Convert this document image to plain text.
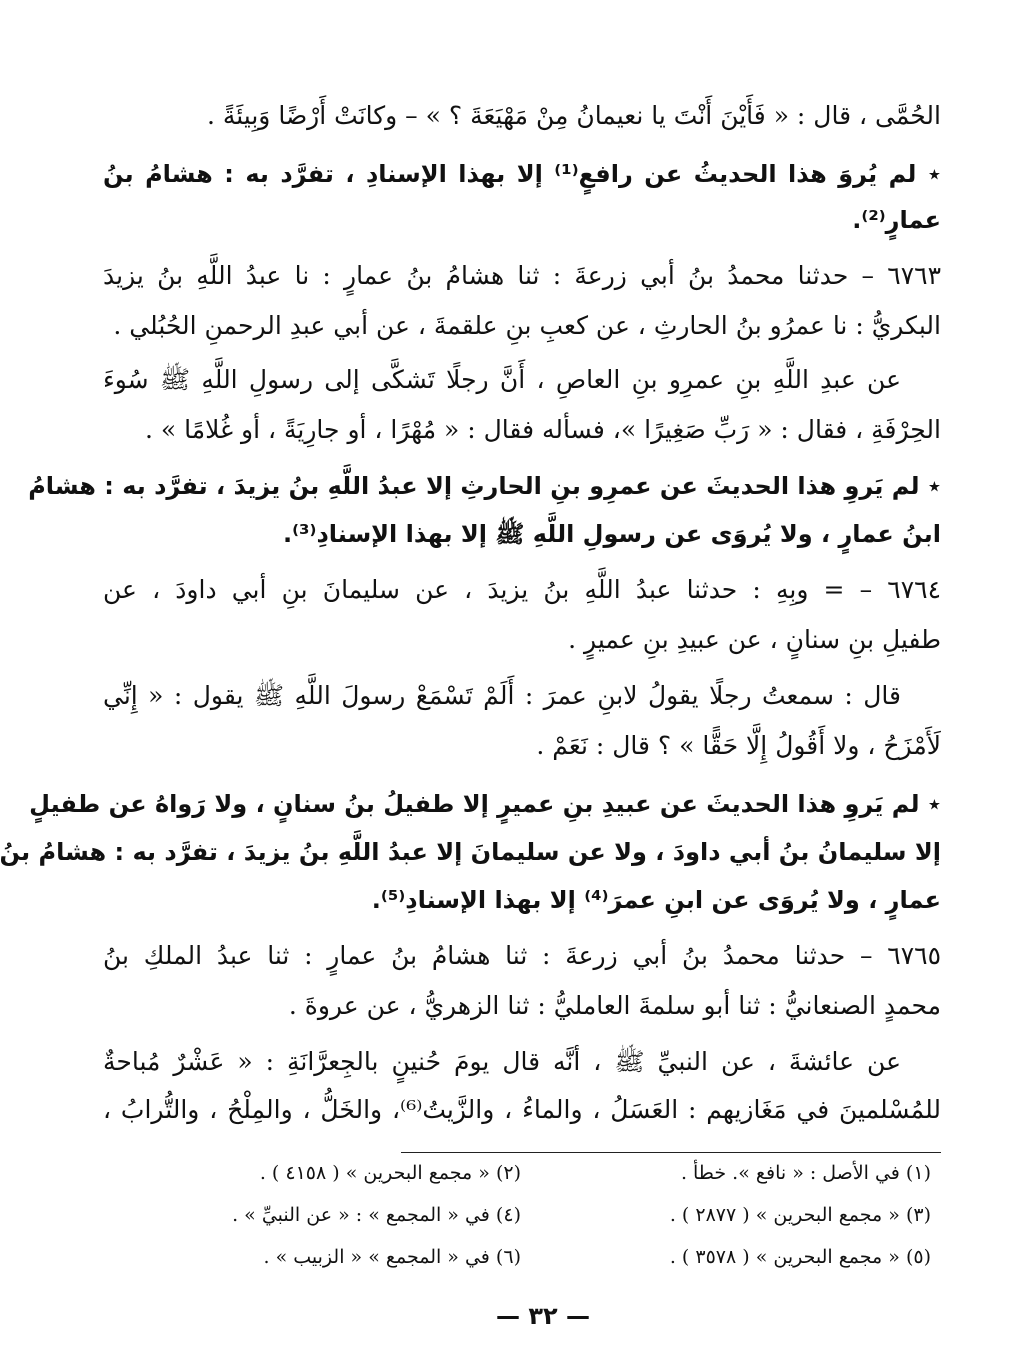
الحُمَّى ، قال : « فَأَيْنَ أَنْتَ يا نعيمانُ مِنْ مَهْيَعَةَ ؟ » – وكانَتْ أَرْضًا وَبِيئَةً .
٭ لم يُروَ هذا الحديثُ عن رافعٍ⁽¹⁾ إلا بهذا الإسنادِ ، تفرَّد به : هشامُ بنُ
عمارٍ⁽²⁾.
٦٧٦٣ – حدثنا محمدُ بنُ أبي زرعةَ : ثنا هشامُ بنُ عمارٍ : نا عبدُ اللَّهِ بنُ يزيدَ
البكريُّ : نا عمرُو بنُ الحارثِ ، عن كعبِ بنِ علقمةَ ، عن أبي عبدِ الرحمنِ الحُبُلي .
عن عبدِ اللَّهِ بنِ عمرِو بنِ العاصِ ، أَنَّ رجلًا تَشكَّى إلى رسولِ اللَّهِ ﷺ سُوءَ
الحِرْفَةِ ، فقال : « رَبِّ صَغِيرًا »، فسأله فقال : « مُهْرًا ، أو جارِيَةً ، أو غُلامًا » .
٭ لم يَروِ هذا الحديثَ عن عمرِو بنِ الحارثِ إلا عبدُ اللَّهِ بنُ يزيدَ ، تفرَّد به : هشامُ
ابنُ عمارٍ ، ولا يُروَى عن رسولِ اللَّهِ ﷺ إلا بهذا الإسنادِ⁽³⁾.
٦٧٦٤ – = وبِهِ : حدثنا عبدُ اللَّهِ بنُ يزيدَ ، عن سليمانَ بنِ أبي داودَ ، عن
طفيلِ بنِ سنانٍ ، عن عبيدِ بنِ عميرٍ .
قال : سمعتُ رجلًا يقولُ لابنِ عمرَ : أَلَمْ تَسْمَعْ رسولَ اللَّهِ ﷺ يقول : « إِنِّي
لَأَمْزَحُ ، ولا أَقُولُ إِلَّا حَقًّا » ؟ قال : نَعَمْ .
٭ لم يَروِ هذا الحديثَ عن عبيدِ بنِ عميرٍ إلا طفيلُ بنُ سنانٍ ، ولا رَواهُ عن طفيلٍ
إلا سليمانُ بنُ أبي داودَ ، ولا عن سليمانَ إلا عبدُ اللَّهِ بنُ يزيدَ ، تفرَّد به : هشامُ بنُ
عمارٍ ، ولا يُروَى عن ابنِ عمرَ⁽⁴⁾ إلا بهذا الإسنادِ⁽⁵⁾.
٦٧٦٥ – حدثنا محمدُ بنُ أبي زرعةَ : ثنا هشامُ بنُ عمارٍ : ثنا عبدُ الملكِ بنُ
محمدٍ الصنعانيُّ : ثنا أبو سلمةَ العامليُّ : ثنا الزهريُّ ، عن عروةَ .
عن عائشةَ ، عن النبيِّ ﷺ ، أنَّه قال يومَ حُنينٍ بالجِعرَّانَةِ : « عَشْرٌ مُباحةٌ
للمُسْلمينَ في مَغَازيهم : العَسَلُ ، والماءُ ، والزَّيتُ⁽⁶⁾، والخَلُّ ، والمِلْحُ ، والتُّرابُ ،
(١) في الأصل : « نافع ». خطأ .
(٢) « مجمع البحرين » ( ٤١٥٨ ) .
(٣) « مجمع البحرين » ( ٢٨٧٧ ) .
(٤) في « المجمع » : « عن النبيِّ » .
(٥) « مجمع البحرين » ( ٣٥٧٨ ) .
(٦) في « المجمع » « الزبيب » .
— ٣٢ —
